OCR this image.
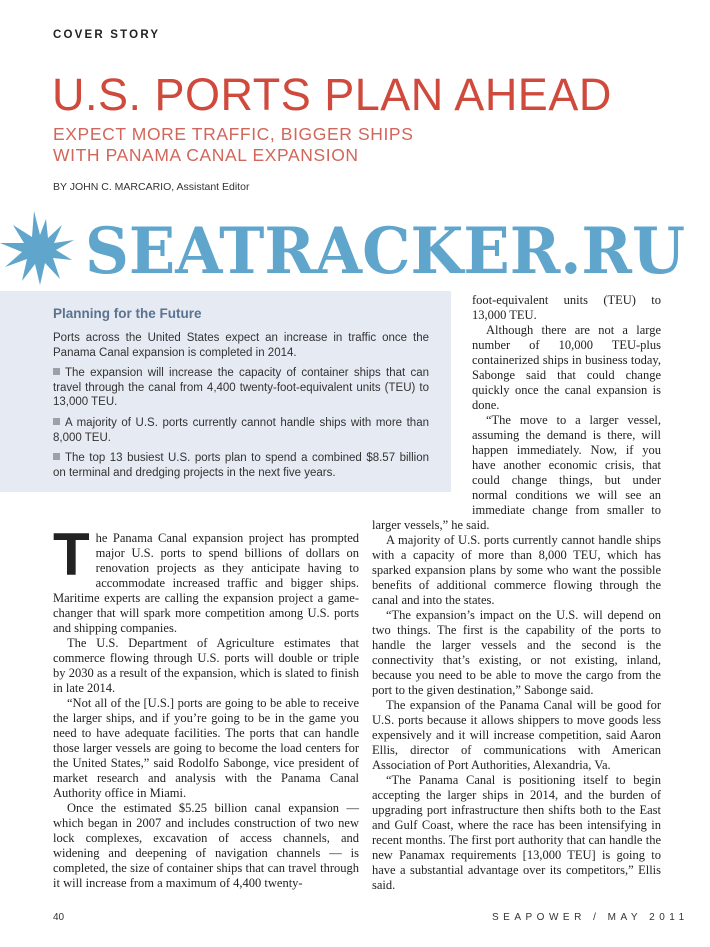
COVER STORY
U.S. PORTS PLAN AHEAD
EXPECT MORE TRAFFIC, BIGGER SHIPS
WITH PANAMA CANAL EXPANSION
BY JOHN C. MARCARIO, Assistant Editor
SEATRACKER.RU
Planning for the Future

Ports across the United States expect an increase in traffic once the Panama Canal expansion is completed in 2014.

The expansion will increase the capacity of container ships that can travel through the canal from 4,400 twenty-foot-equivalent units (TEU) to 13,000 TEU.

A majority of U.S. ports currently cannot handle ships with more than 8,000 TEU.

The top 13 busiest U.S. ports plan to spend a combined $8.57 billion on terminal and dredging projects in the next five years.

The Panama Canal expansion project has prompted major U.S. ports to spend billions of dollars on renovation projects as they anticipate having to accommodate increased traffic and bigger ships. Maritime experts are calling the expansion project a game-changer that will spark more competition among U.S. ports and shipping companies.

The U.S. Department of Agriculture estimates that commerce flowing through U.S. ports will double or triple by 2030 as a result of the expansion, which is slated to finish in late 2014.

“Not all of the [U.S.] ports are going to be able to receive the larger ships, and if you’re going to be in the game you need to have adequate facilities. The ports that can handle those larger vessels are going to become the load centers for the United States,” said Rodolfo Sabonge, vice president of market research and analysis with the Panama Canal Authority office in Miami.

Once the estimated $5.25 billion canal expansion — which began in 2007 and includes construction of two new lock complexes, excavation of access channels, and widening and deepening of navigation channels — is completed, the size of container ships that can travel through it will increase from a maximum of 4,400 twenty-

foot-equivalent units (TEU) to 13,000 TEU.

Although there are not a large number of 10,000 TEU-plus containerized ships in business today, Sabonge said that could change quickly once the canal expansion is done.

“The move to a larger vessel, assuming the demand is there, will happen immediately. Now, if you have another economic crisis, that could change things, but under normal conditions we will see an immediate change from smaller to larger vessels,” he said.

A majority of U.S. ports currently cannot handle ships with a capacity of more than 8,000 TEU, which has sparked expansion plans by some who want the possible benefits of additional commerce flowing through the canal and into the states.

“The expansion’s impact on the U.S. will depend on two things. The first is the capability of the ports to handle the larger vessels and the second is the connectivity that’s existing, or not existing, inland, because you need to be able to move the cargo from the port to the given destination,” Sabonge said.

The expansion of the Panama Canal will be good for U.S. ports because it allows shippers to move goods less expensively and it will increase competition, said Aaron Ellis, director of communications with American Association of Port Authorities, Alexandria, Va.

“The Panama Canal is positioning itself to begin accepting the larger ships in 2014, and the burden of upgrading port infrastructure then shifts both to the East and Gulf Coast, where the race has been intensifying in recent months. The first port authority that can handle the new Panamax requirements [13,000 TEU] is going to have a substantial advantage over its competitors,” Ellis said.

40	SEAPOWER / MAY 2011
